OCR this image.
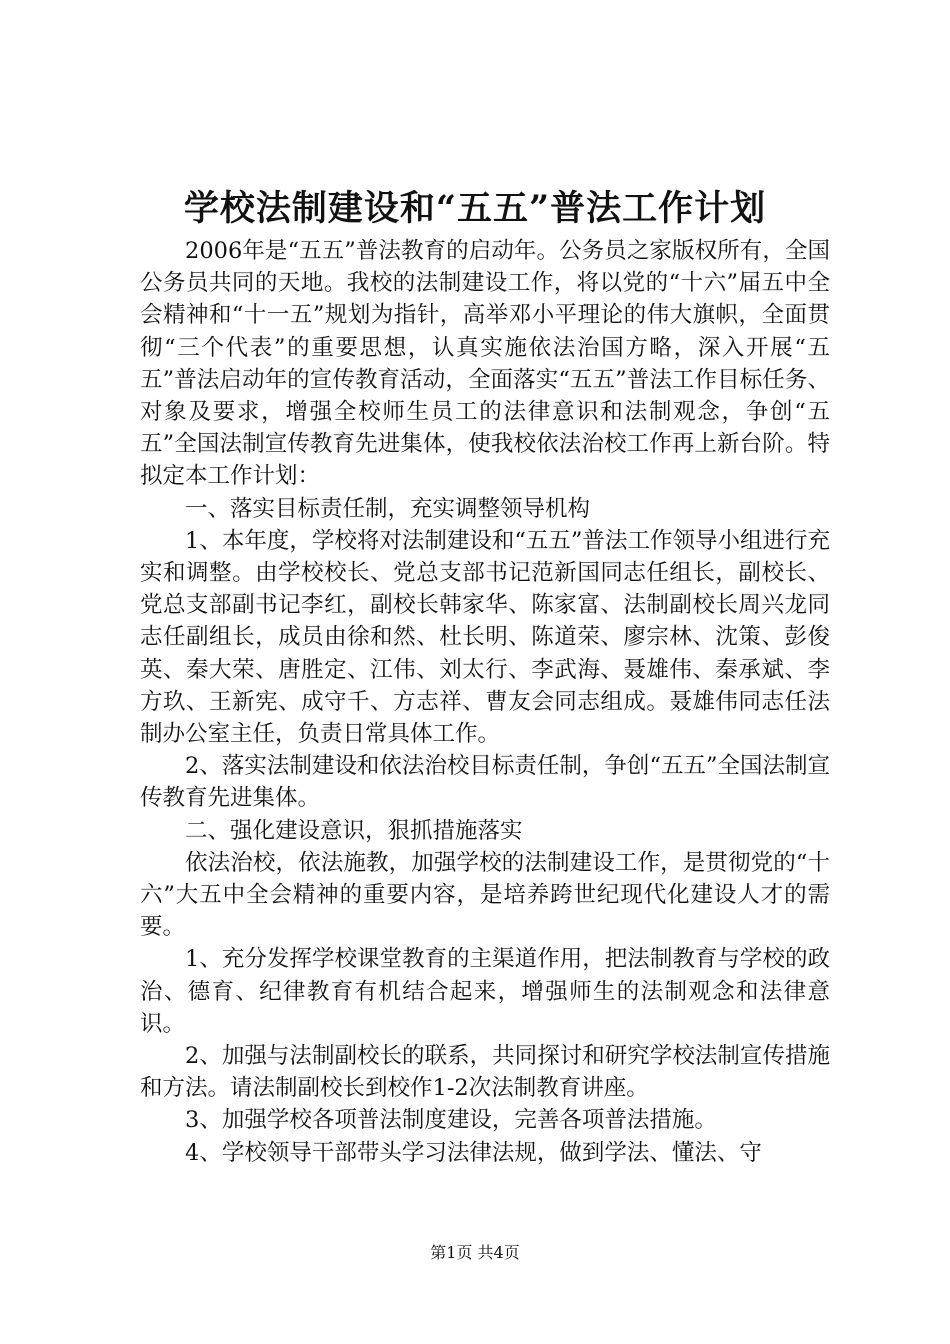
学校法制建设和“五五”普法工作计划

2006年是“五五”普法教育的启动年。公务员之家版权所有，全国公务员共同的天地。我校的法制建设工作，将以党的“十六”届五中全会精神和“十一五”规划为指针，高举邓小平理论的伟大旗帜，全面贯彻“三个代表”的重要思想，认真实施依法治国方略，深入开展“五五”普法启动年的宣传教育活动，全面落实“五五”普法工作目标任务、对象及要求，增强全校师生员工的法律意识和法制观念，争创“五五”全国法制宣传教育先进集体，使我校依法治校工作再上新台阶。特拟定本工作计划：

一、落实目标责任制，充实调整领导机构

1、本年度，学校将对法制建设和“五五”普法工作领导小组进行充实和调整。由学校校长、党总支部书记范新国同志任组长，副校长、党总支部副书记李红，副校长韩家华、陈家富、法制副校长周兴龙同志任副组长，成员由徐和然、杜长明、陈道荣、廖宗林、沈策、彭俊英、秦大荣、唐胜定、江伟、刘太行、李武海、聂雄伟、秦承斌、李方玖、王新宪、成守千、方志祥、曹友会同志组成。聂雄伟同志任法制办公室主任，负责日常具体工作。

2、落实法制建设和依法治校目标责任制，争创“五五”全国法制宣传教育先进集体。

二、强化建设意识，狠抓措施落实

依法治校，依法施教，加强学校的法制建设工作，是贯彻党的“十六”大五中全会精神的重要内容，是培养跨世纪现代化建设人才的需要。

1、充分发挥学校课堂教育的主渠道作用，把法制教育与学校的政治、德育、纪律教育有机结合起来，增强师生的法制观念和法律意识。

2、加强与法制副校长的联系，共同探讨和研究学校法制宣传措施和方法。请法制副校长到校作1-2次法制教育讲座。

3、加强学校各项普法制度建设，完善各项普法措施。

4、学校领导干部带头学习法律法规，做到学法、懂法、守

第1页 共4页
